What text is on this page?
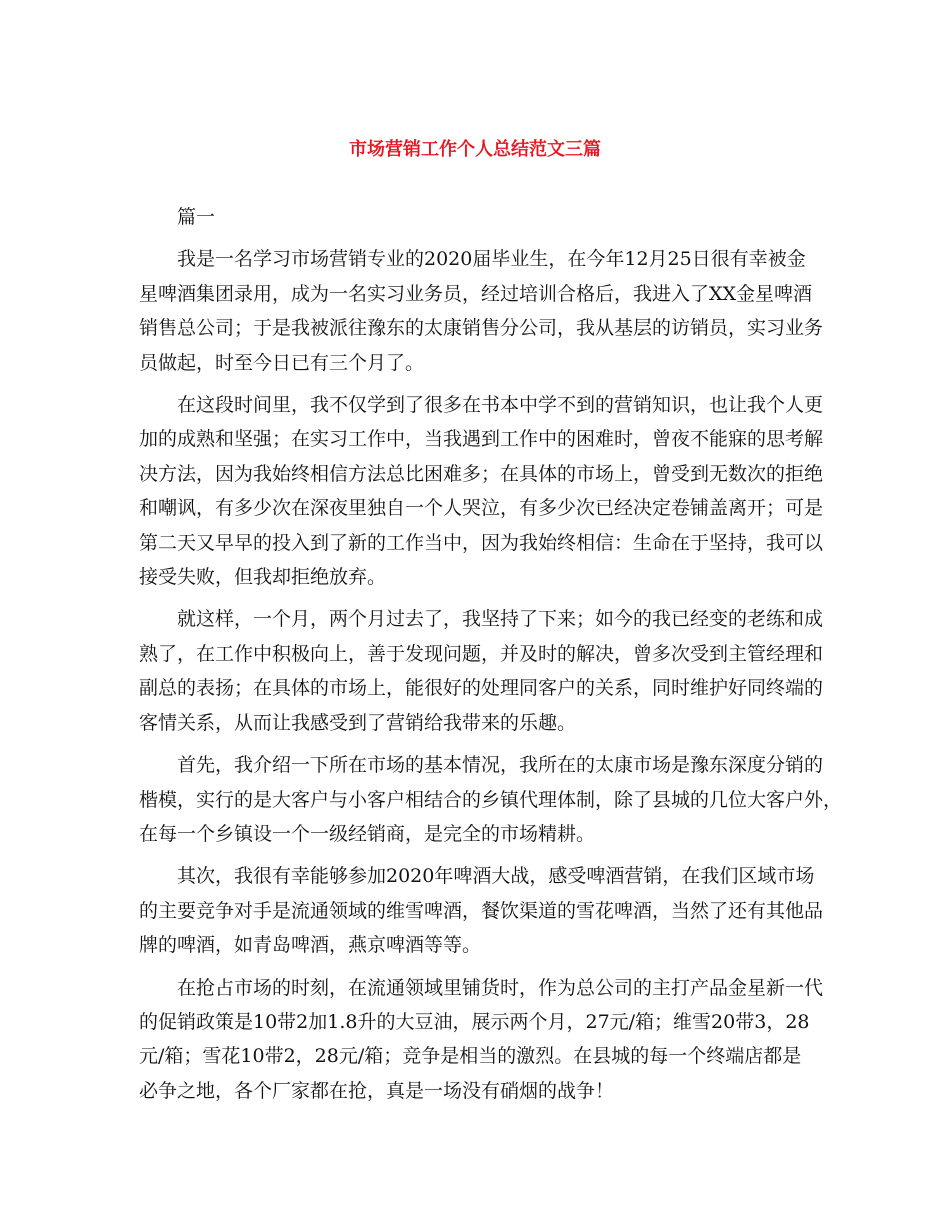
市场营销工作个人总结范文三篇

篇一

我是一名学习市场营销专业的2020届毕业生，在今年12月25日很有幸被金
星啤酒集团录用，成为一名实习业务员，经过培训合格后，我进入了XX金星啤酒
销售总公司；于是我被派往豫东的太康销售分公司，我从基层的访销员，实习业务
员做起，时至今日已有三个月了。

在这段时间里，我不仅学到了很多在书本中学不到的营销知识，也让我个人更
加的成熟和坚强；在实习工作中，当我遇到工作中的困难时，曾夜不能寐的思考解
决方法，因为我始终相信方法总比困难多；在具体的市场上，曾受到无数次的拒绝
和嘲讽，有多少次在深夜里独自一个人哭泣，有多少次已经决定卷铺盖离开；可是
第二天又早早的投入到了新的工作当中，因为我始终相信：生命在于坚持，我可以
接受失败，但我却拒绝放弃。

就这样，一个月，两个月过去了，我坚持了下来；如今的我已经变的老练和成
熟了，在工作中积极向上，善于发现问题，并及时的解决，曾多次受到主管经理和
副总的表扬；在具体的市场上，能很好的处理同客户的关系，同时维护好同终端的
客情关系，从而让我感受到了营销给我带来的乐趣。

首先，我介绍一下所在市场的基本情况，我所在的太康市场是豫东深度分销的
楷模，实行的是大客户与小客户相结合的乡镇代理体制，除了县城的几位大客户外，
在每一个乡镇设一个一级经销商，是完全的市场精耕。

其次，我很有幸能够参加2020年啤酒大战，感受啤酒营销，在我们区域市场
的主要竞争对手是流通领域的维雪啤酒，餐饮渠道的雪花啤酒，当然了还有其他品
牌的啤酒，如青岛啤酒，燕京啤酒等等。

在抢占市场的时刻，在流通领域里铺货时，作为总公司的主打产品金星新一代
的促销政策是10带2加1.8升的大豆油，展示两个月，27元/箱；维雪20带3，28
元/箱；雪花10带2，28元/箱；竞争是相当的激烈。在县城的每一个终端店都是
必争之地，各个厂家都在抢，真是一场没有硝烟的战争！
